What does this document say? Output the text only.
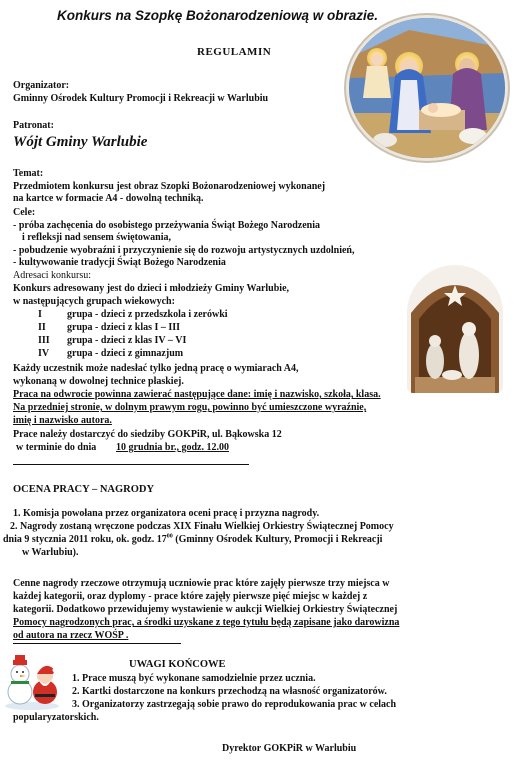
Konkurs na Szopkę Bożonarodzeniową w obrazie.
REGULAMIN
Organizator:
Gminny Ośrodek Kultury Promocji i Rekreacji w Warlubiu
Patronat:
Wójt Gminy Warlubie
Temat:
Przedmiotem konkursu jest obraz Szopki Bożonarodzeniowej wykonanej
na kartce w formacie A4 - dowolną techniką.
Cele:
- próba zachęcenia do osobistego przeżywania Świąt Bożego Narodzenia
i refleksji nad sensem świętowania,
- pobudzenie wyobraźni i przyczynienie się do rozwoju artystycznych uzdolnień,
- kultywowanie tradycji Świąt Bożego Narodzenia
Adresaci konkursu:
Konkurs adresowany jest do dzieci i młodzieży Gminy Warlubie,
w następujących grupach wiekowych:
I	grupa - dzieci z przedszkola i zerówki
II grupa - dzieci z klas I – III
III grupa - dzieci z klas IV – VI
IV grupa - dzieci z gimnazjum
Każdy uczestnik może nadesłać tylko jedną pracę o wymiarach A4,
wykonaną w dowolnej technice płaskiej.
Praca na odwrocie powinna zawierać następujące dane: imię i nazwisko, szkoła, klasa.
Na przedniej stronie, w dolnym prawym rogu, powinno być umieszczone wyraźnie,
imię i nazwisko autora.
Prace należy dostarczyć do siedziby GOKPiR, ul. Bąkowska 12
w terminie do dnia 10 grudnia br., godz. 12.00
OCENA PRACY – NAGRODY
1. Komisja powołana przez organizatora oceni pracę i przyzna nagrody.
2. Nagrody zostaną wręczone podczas XIX Finału Wielkiej Orkiestry Świątecznej Pomocy
dnia 9 stycznia 2011 roku, ok. godz. $17^{00}$ (Gminny Ośrodek Kultury, Promocji i Rekreacji
w Warlubiu).
Cenne nagrody rzeczowe otrzymują uczniowie prac które zajęły pierwsze trzy miejsca w
każdej kategorii, oraz dyplomy - prace które zajęły pierwsze pięć miejsc w każdej z
kategorii. Dodatkowo przewidujemy wystawienie w aukcji Wielkiej Orkiestry Świątecznej
Pomocy nagrodzonych prac, a środki uzyskane z tego tytułu będą zapisane jako darowizna
od autora na rzecz WOŚP .
UWAGI KOŃCOWE
1. Prace muszą być wykonane samodzielnie przez ucznia.
2. Kartki dostarczone na konkurs przechodzą na własność organizatorów.
3. Organizatorzy zastrzegają sobie prawo do reprodukowania prac w celach
popularyzatorskich.
Dyrektor GOKPiR w Warlubiu
